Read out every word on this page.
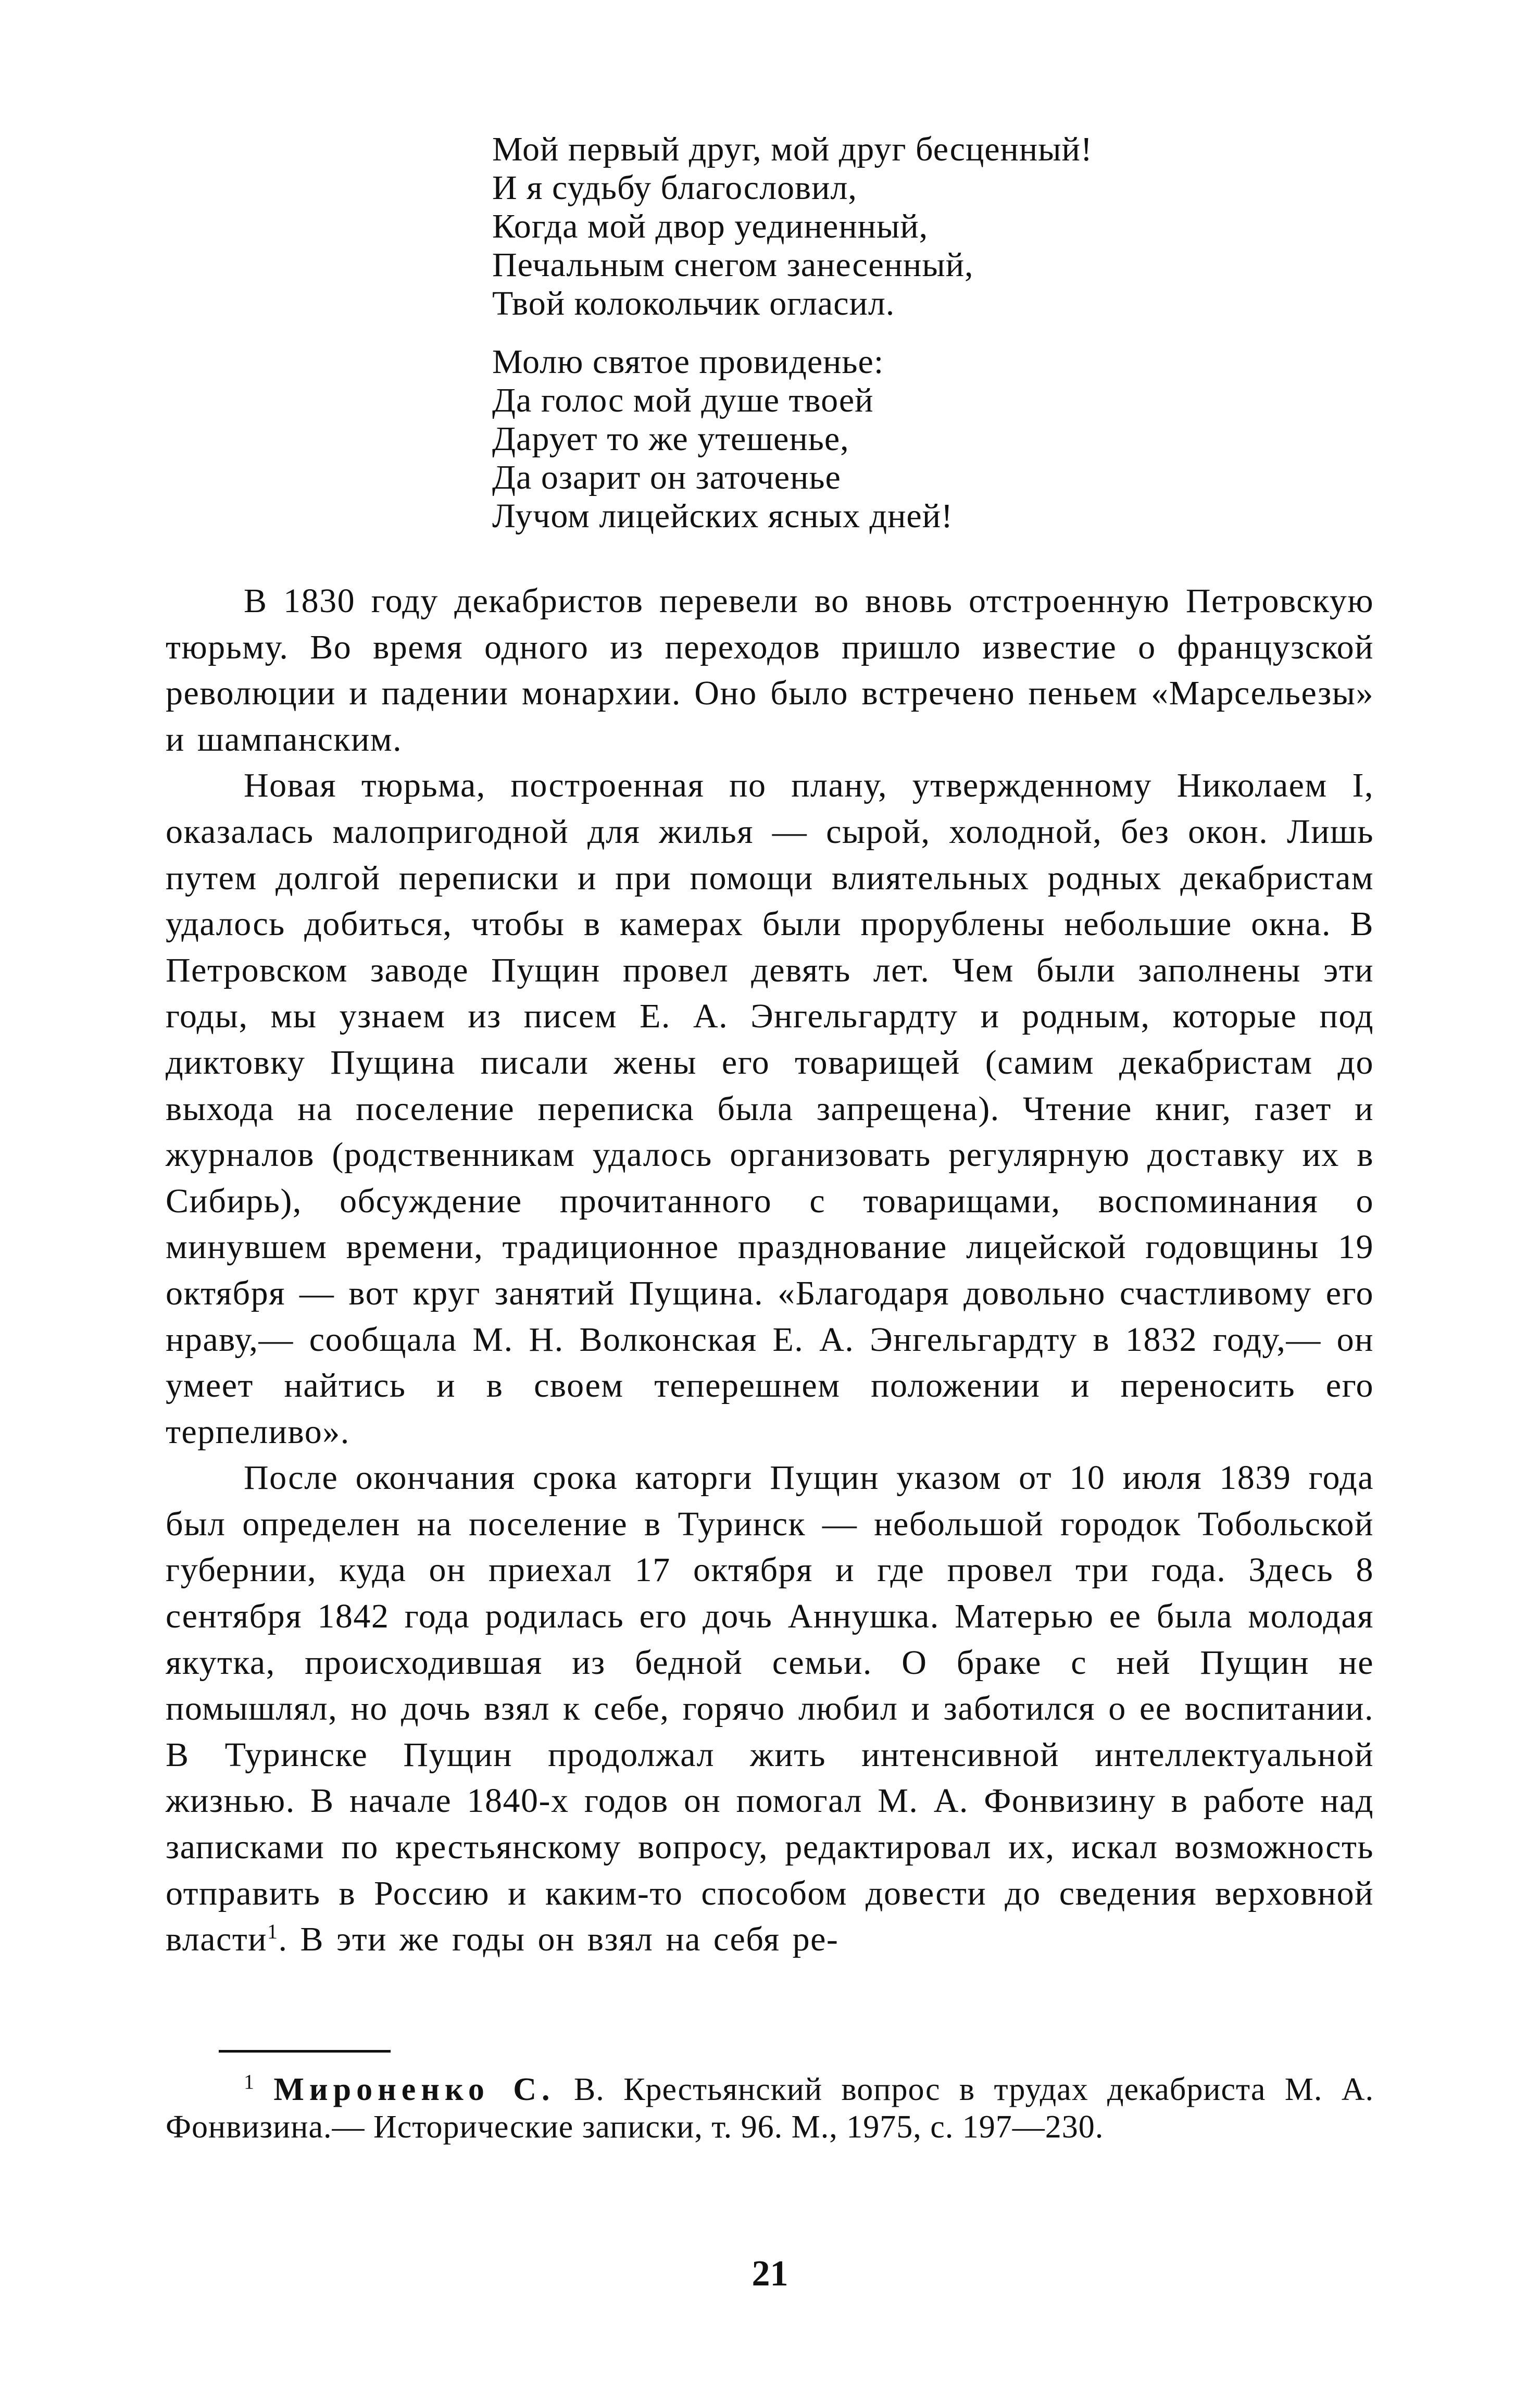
Мой первый друг, мой друг бесценный!
И я судьбу благословил,
Когда мой двор уединенный,
Печальным снегом занесенный,
Твой колокольчик огласил.
Молю святое провиденье:
Да голос мой душе твоей
Дарует то же утешенье,
Да озарит он заточенье
Лучом лицейских ясных дней!

В 1830 году декабристов перевели во вновь отстроенную Петровскую тюрьму. Во время одного из переходов пришло известие о французской революции и падении монархии. Оно было встречено пеньем «Марсельезы» и шампанским.

Новая тюрьма, построенная по плану, утвержденному Николаем I, оказалась малопригодной для жилья — сырой, холодной, без окон. Лишь путем долгой переписки и при помощи влиятельных родных декабристам удалось добиться, чтобы в камерах были прорублены небольшие окна. В Петровском заводе Пущин провел девять лет. Чем были заполнены эти годы, мы узнаем из писем Е. А. Энгельгардту и родным, которые под диктовку Пущина писали жены его товарищей (самим декабристам до выхода на поселение переписка была запрещена). Чтение книг, газет и журналов (родственникам удалось организовать регулярную доставку их в Сибирь), обсуждение прочитанного с товарищами, воспоминания о минувшем времени, традиционное празднование лицейской годовщины 19 октября — вот круг занятий Пущина. «Благодаря довольно счастливому его нраву,— сообщала М. Н. Волконская Е. А. Энгельгардту в 1832 году,— он умеет найтись и в своем теперешнем положении и переносить его терпеливо».

После окончания срока каторги Пущин указом от 10 июля 1839 года был определен на поселение в Туринск — небольшой городок Тобольской губернии, куда он приехал 17 октября и где провел три года. Здесь 8 сентября 1842 года родилась его дочь Аннушка. Матерью ее была молодая якутка, происходившая из бедной семьи. О браке с ней Пущин не помышлял, но дочь взял к себе, горячо любил и заботился о ее воспитании. В Туринске Пущин продолжал жить интенсивной интеллектуальной жизнью. В начале 1840-х годов он помогал М. А. Фонвизину в работе над записками по крестьянскому вопросу, редактировал их, искал возможность отправить в Россию и каким-то способом довести до сведения верховной власти$^1$. В эти же годы он взял на себя ре-

$^1$ Мироненко С. В. Крестьянский вопрос в трудах декабриста М. А. Фонвизина.— Исторические записки, т. 96. М., 1975, с. 197—230.

21
